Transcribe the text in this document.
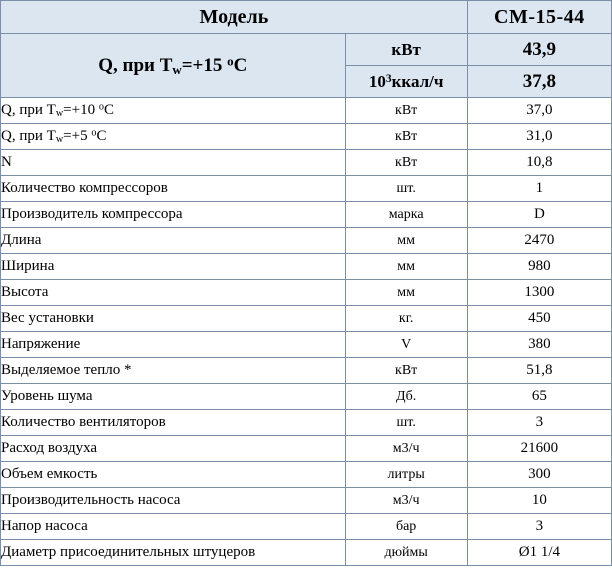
Модель		CM-15-44
Q, при $T_w=+15$ $^o$C	кВт	43,9
	$10^3ккал/ч$	37,8
Q, при $T_w=+10$ $^o$C	кВт	37,0
Q, при $T_w=+5$ $^o$C	кВт	31,0
N	кВт	10,8
Количество компрессоров	шт.	1
Производитель компрессора	марка	D
Длина	мм	2470
Ширина	мм	980
Высота	мм	1300
Вес установки	кг.	450
Напряжение	V	380
Выделяемое тепло *	кВт	51,8
Уровень шума	Дб.	65
Количество вентиляторов	шт.	3
Расход воздуха	м3/ч	21600
Объем емкость	литры	300
Производительность насоса	м3/ч	10
Напор насоса	бар	3
Диаметр присоединительных штуцеров	дюймы	Ø1 1/4
